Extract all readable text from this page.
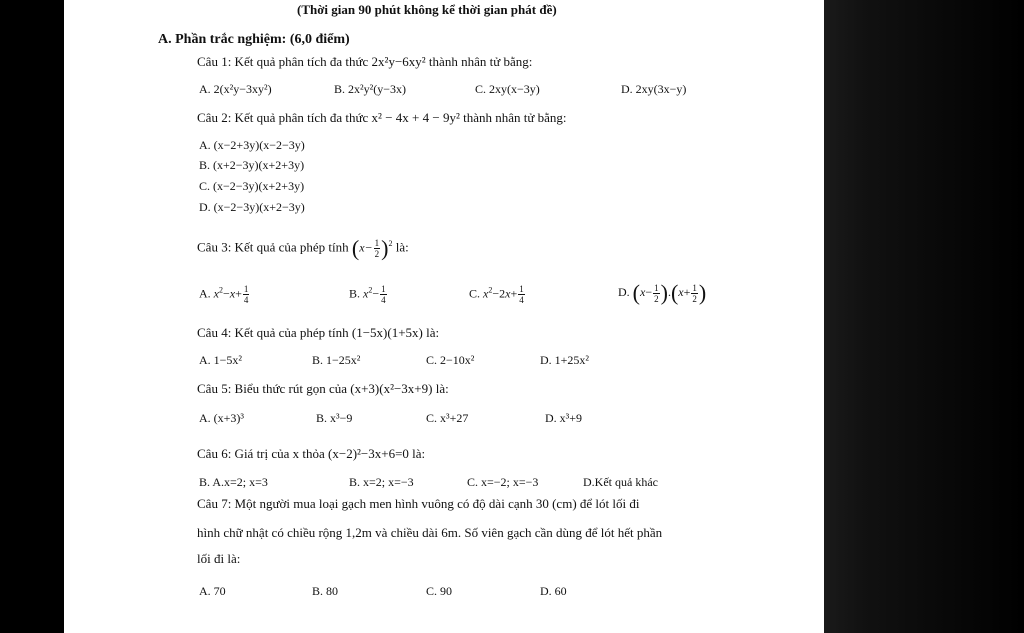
(Thời gian 90 phút không kể thời gian phát đề)
A. Phần trắc nghiệm: (6,0 điểm)
Câu 1: Kết quả phân tích đa thức 2x²y−6xy² thành nhân tử bằng:
A. 2(x²y−3xy²)	B. 2x²y²(y−3x)	C. 2xy(x−3y)	D. 2xy(3x−y)
Câu 2: Kết quả phân tích đa thức x² − 4x + 4 − 9y² thành nhân tử bằng:
A. (x−2+3y)(x−2−3y)
B. (x+2−3y)(x+2+3y)
C. (x−2−3y)(x+2+3y)
D. (x−2−3y)(x+2−3y)
Câu 3: Kết quả của phép tính $(x- \frac{1}{2} )^2$ là:
A. $x^2-x+ \frac{1}{4}$	B. $x^2- \frac{1}{4}$	C. $x^2-2x+ \frac{1}{4}$	D. $(x- \frac{1}{2} ).(x+ \frac{1}{2}$ )
Câu 4: Kết quả của phép tính (1−5x)(1+5x) là:
A. 1−5x²	B. 1−25x²	C. 2−10x²	D. 1+25x²
Câu 5: Biểu thức rút gọn của (x+3)(x²−3x+9) là:
A. (x+3)³	B. x³−9	C. x³+27	D. x³+9
Câu 6: Giá trị của x thỏa (x−2)²−3x+6=0 là:
B. A.x=2; x=3	B. x=2; x=−3	C. x=−2; x=−3	D.Kết quả khác
Câu 7: Một người mua loại gạch men hình vuông có độ dài cạnh 30 (cm) để lót lối đi
hình chữ nhật có chiều rộng 1,2m và chiều dài 6m. Số viên gạch cần dùng để lót hết phần
lối đi là:
A. 70	B. 80	C. 90	D. 60
